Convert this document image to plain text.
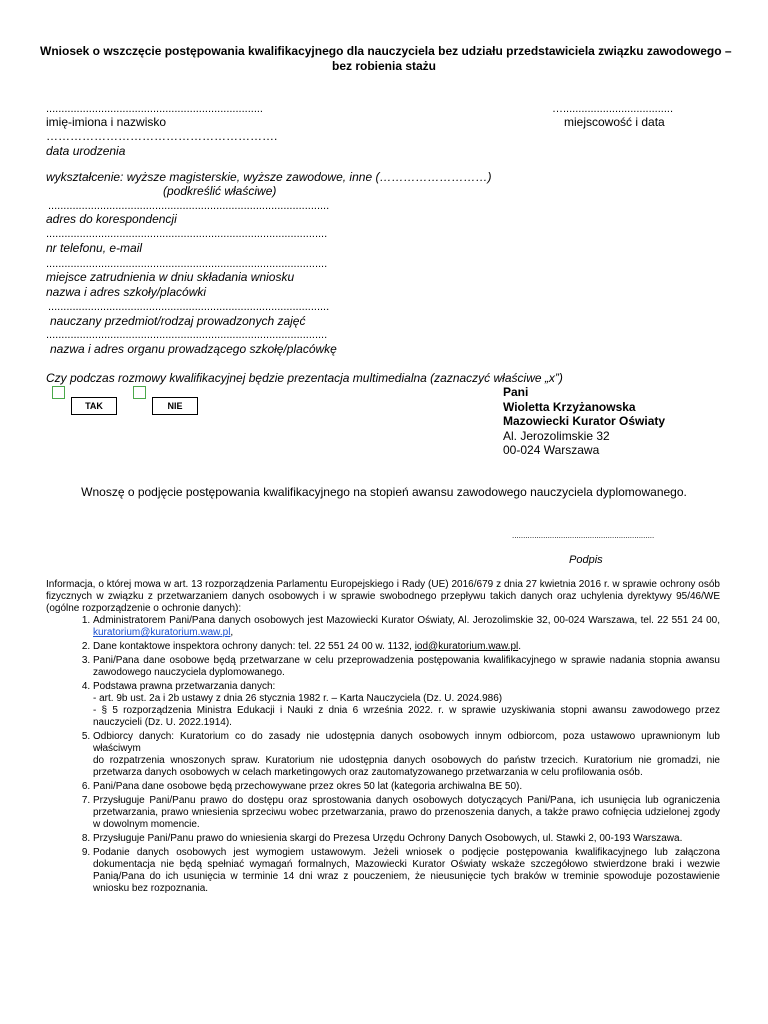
Wniosek o wszczęcie postępowania kwalifikacyjnego dla nauczyciela bez udziału przedstawiciela związku zawodowego –
bez robienia stażu
.......................................................................
imię-imiona i nazwisko
…....................................
miejscowość i data
………………………………………………….
data urodzenia
wykształcenie: wyższe magisterskie, wyższe zawodowe, inne (………………………)
(podkreślić właściwe)
............................................................................................
adres do korespondencji
............................................................................................
nr telefonu, e-mail
............................................................................................
miejsce zatrudnienia w dniu składania wniosku
nazwa i adres szkoły/placówki
............................................................................................
nauczany przedmiot/rodzaj prowadzonych zajęć
............................................................................................
nazwa i adres organu prowadzącego szkołę/placówkę
Czy podczas rozmowy kwalifikacyjnej będzie prezentacja multimedialna (zaznaczyć właściwe „x”)
TAK	NIE
Pani
Wioletta Krzyżanowska
Mazowiecki Kurator Oświaty
Al. Jerozolimskie 32
00-024 Warszawa
Wnoszę o podjęcie postępowania kwalifikacyjnego na stopień awansu zawodowego nauczyciela dyplomowanego.
................................................................
Podpis

Informacja, o której mowa w art. 13 rozporządzenia Parlamentu Europejskiego i Rady (UE) 2016/679 z dnia 27 kwietnia 2016 r. w sprawie ochrony osób fizycznych w związku z przetwarzaniem danych osobowych i w sprawie swobodnego przepływu takich danych oraz uchylenia dyrektywy 95/46/WE (ogólne rozporządzenie o ochronie danych):

1. Administratorem Pani/Pana danych osobowych jest Mazowiecki Kurator Oświaty, Al. Jerozolimskie 32, 00-024 Warszawa, tel. 22 551 24 00, kuratorium@kuratorium.waw.pl,
2. Dane kontaktowe inspektora ochrony danych: tel. 22 551 24 00 w. 1132, iod@kuratorium.waw.pl.
3. Pani/Pana dane osobowe będą przetwarzane w celu przeprowadzenia postępowania kwalifikacyjnego w sprawie nadania stopnia awansu zawodowego nauczyciela dyplomowanego.
4. Podstawa prawna przetwarzania danych:
- art. 9b ust. 2a i 2b ustawy z dnia 26 stycznia 1982 r. – Karta Nauczyciela (Dz. U. 2024.986)
- § 5 rozporządzenia Ministra Edukacji i Nauki z dnia 6 września 2022. r. w sprawie uzyskiwania stopni awansu zawodowego przez nauczycieli (Dz. U. 2022.1914).
5. Odbiorcy danych: Kuratorium co do zasady nie udostępnia danych osobowych innym odbiorcom, poza ustawowo uprawnionym lub właściwym
do rozpatrzenia wnoszonych spraw. Kuratorium nie udostępnia danych osobowych do państw trzecich. Kuratorium nie gromadzi, nie przetwarza danych osobowych w celach marketingowych oraz zautomatyzowanego przetwarzania w celu profilowania osób.
6. Pani/Pana dane osobowe będą przechowywane przez okres 50 lat (kategoria archiwalna BE 50).
7. Przysługuje Pani/Panu prawo do dostępu oraz sprostowania danych osobowych dotyczących Pani/Pana, ich usunięcia lub ograniczenia przetwarzania, prawo wniesienia sprzeciwu wobec przetwarzania, prawo do przenoszenia danych, a także prawo cofnięcia udzielonej zgody w dowolnym momencie.
8. Przysługuje Pani/Panu prawo do wniesienia skargi do Prezesa Urzędu Ochrony Danych Osobowych, ul. Stawki 2, 00-193 Warszawa.
9. Podanie danych osobowych jest wymogiem ustawowym. Jeżeli wniosek o podjęcie postępowania kwalifikacyjnego lub załączona dokumentacja nie będą spełniać wymagań formalnych, Mazowiecki Kurator Oświaty wskaże szczegółowo stwierdzone braki i wezwie Panią/Pana do ich usunięcia w terminie 14 dni wraz z pouczeniem, że nieusunięcie tych braków w treminie spowoduje pozostawienie wniosku bez rozpoznania.
